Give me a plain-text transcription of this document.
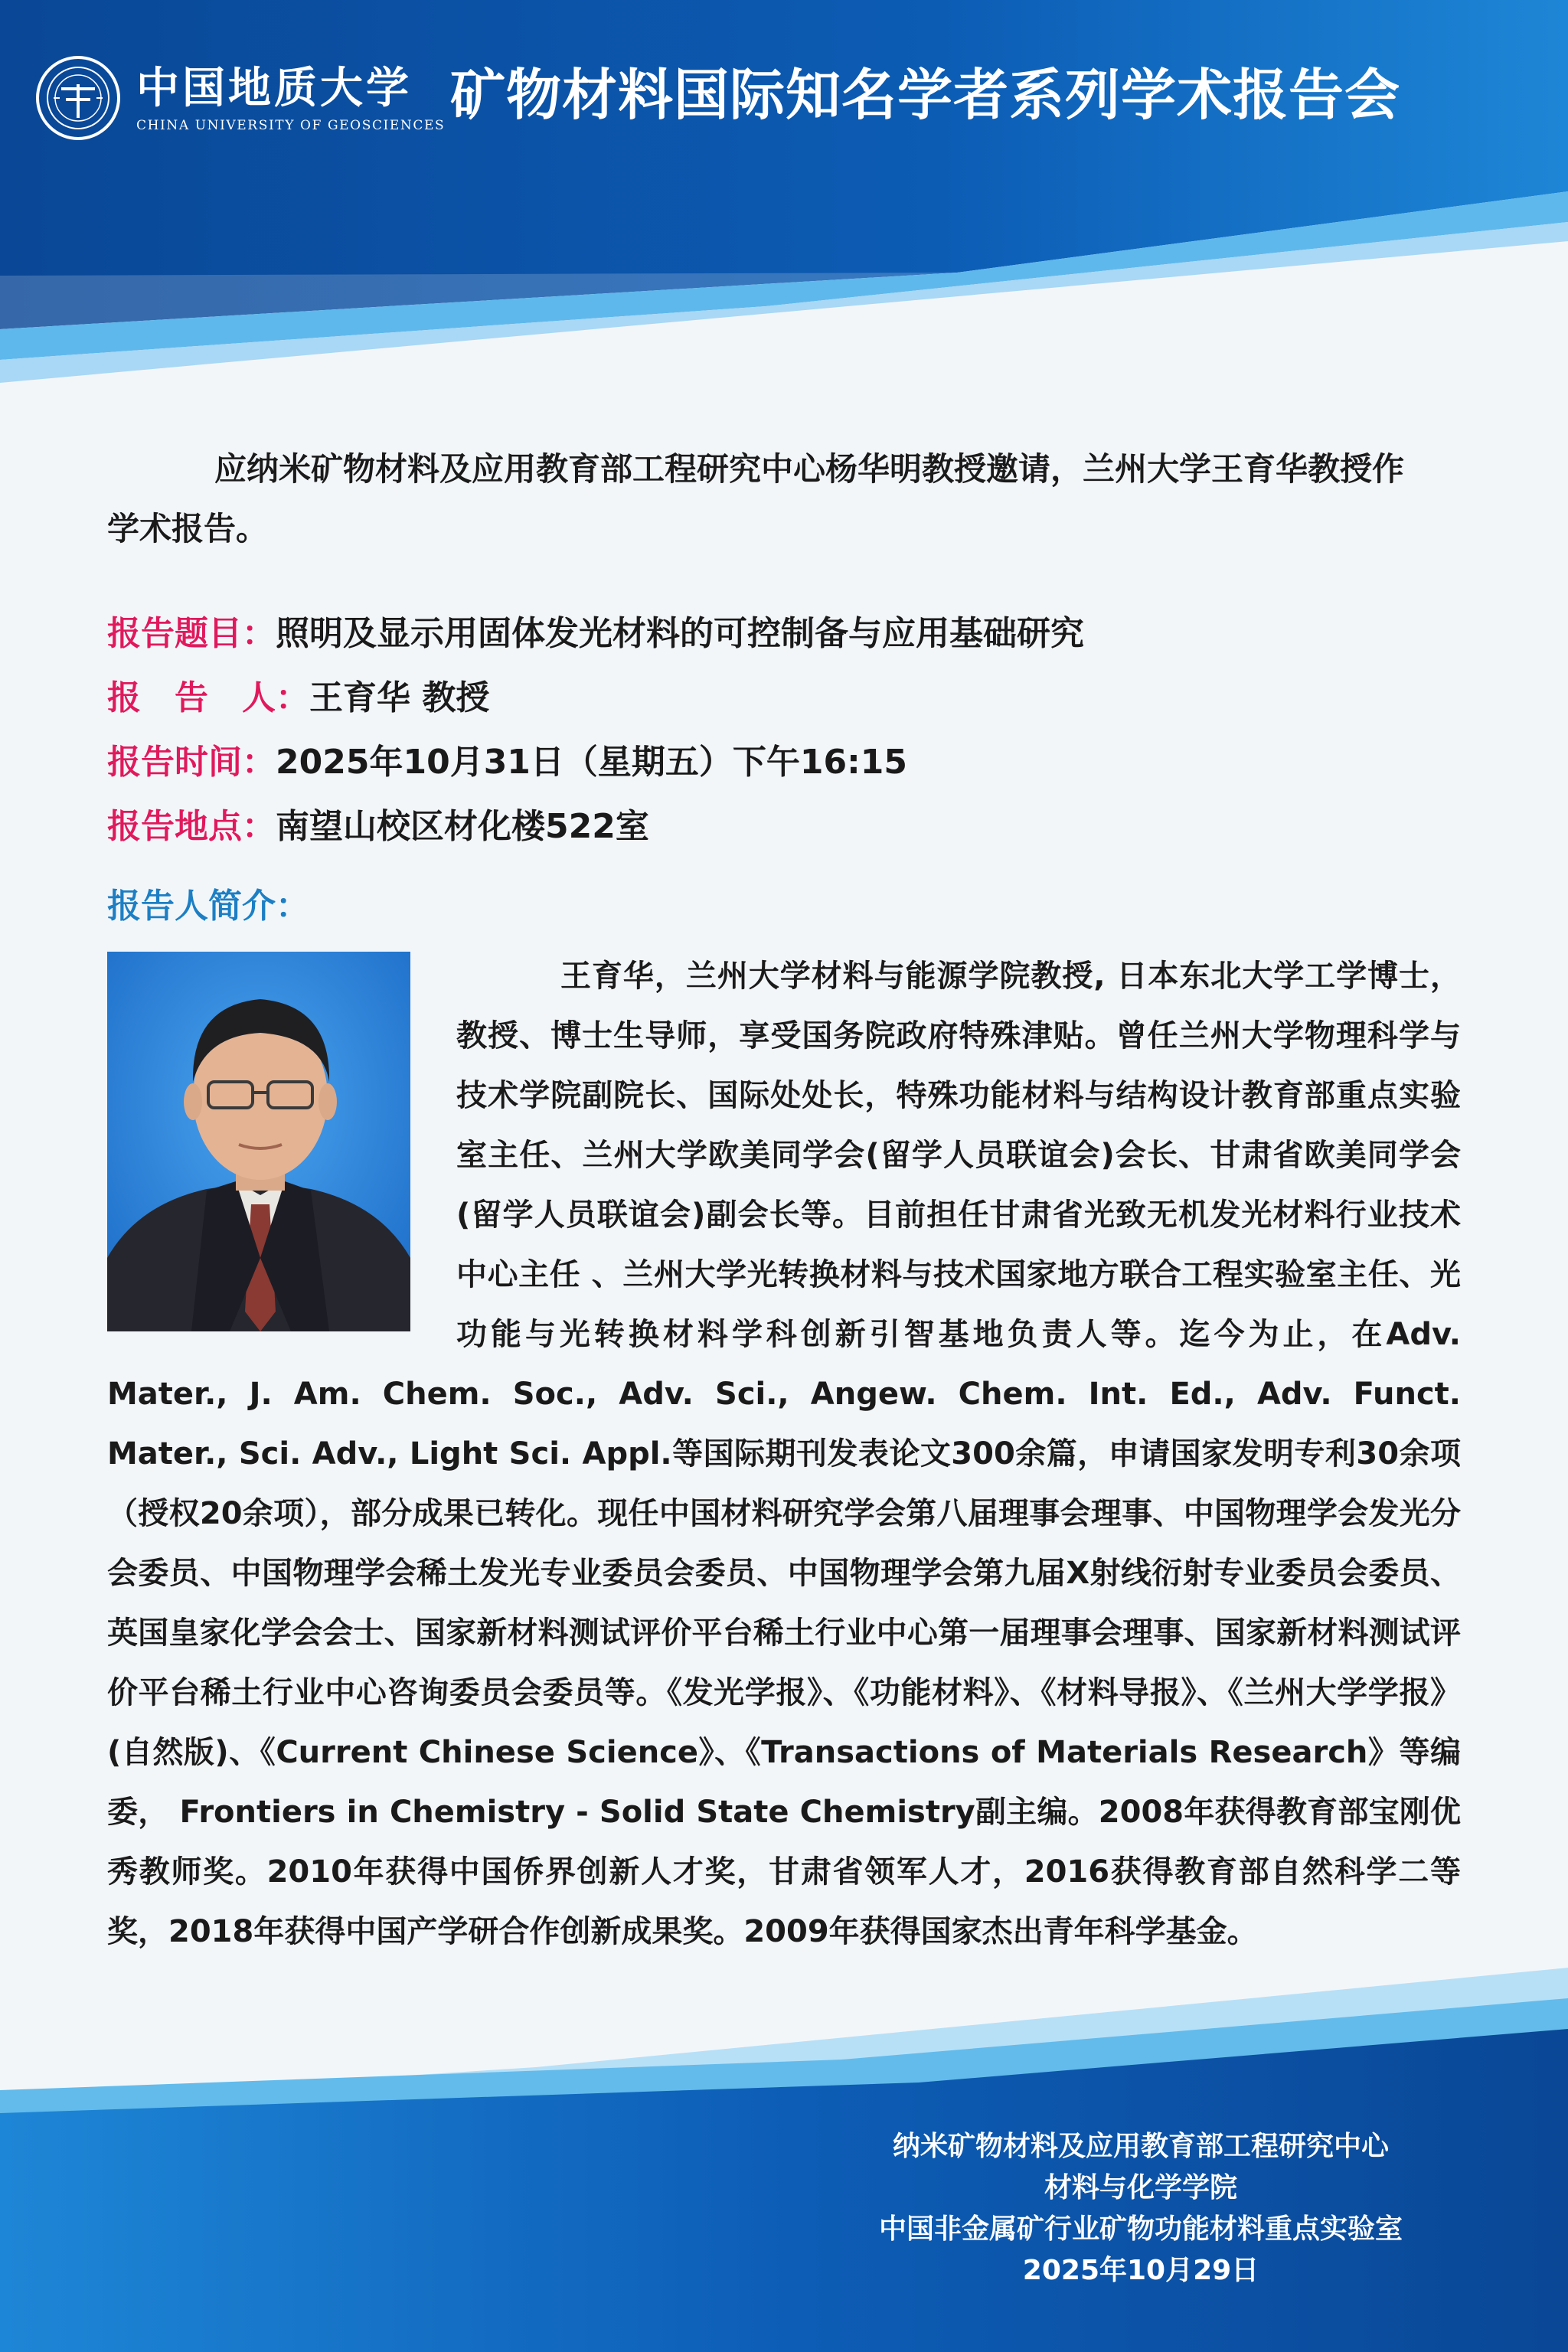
中国地质大学
CHINA UNIVERSITY OF GEOSCIENCES 矿物材料国际知名学者系列学术报告会

应纳米矿物材料及应用教育部工程研究中心杨华明教授邀请，兰州大学王育华教授作学术报告。

报告题目：照明及显示用固体发光材料的可控制备与应用基础研究

报　告　人：王育华 教授

报告时间：2025年10月31日（星期五）下午16:15

报告地点：南望山校区材化楼522室

报告人简介：

王育华，兰州大学材料与能源学院教授, 日本东北大学工学博士，教授、博士生导师，享受国务院政府特殊津贴。曾任兰州大学物理科学与技术学院副院长、国际处处长，特殊功能材料与结构设计教育部重点实验室主任、兰州大学欧美同学会(留学人员联谊会)会长、甘肃省欧美同学会(留学人员联谊会)副会长等。目前担任甘肃省光致无机发光材料行业技术中心主任 、兰州大学光转换材料与技术国家地方联合工程实验室主任、光功能与光转换材料学科创新引智基地负责人等。迄今为止，在Adv. Mater., J. Am. Chem. Soc., Adv. Sci., Angew. Chem. Int. Ed., Adv. Funct. Mater., Sci. Adv., Light Sci. Appl.等国际期刊发表论文300余篇，申请国家发明专利30余项（授权20余项），部分成果已转化。现任中国材料研究学会第八届理事会理事、中国物理学会发光分会委员、中国物理学会稀土发光专业委员会委员、中国物理学会第九届X射线衍射专业委员会委员、英国皇家化学会会士、国家新材料测试评价平台稀土行业中心第一届理事会理事、国家新材料测试评价平台稀土行业中心咨询委员会委员等。《发光学报》、《功能材料》、《材料导报》、《兰州大学学报》(自然版)、《Current Chinese Science》、《Transactions of Materials Research》等编委， Frontiers in Chemistry - Solid State Chemistry副主编。2008年获得教育部宝刚优秀教师奖。2010年获得中国侨界创新人才奖，甘肃省领军人才，2016获得教育部自然科学二等奖，2018年获得中国产学研合作创新成果奖。2009年获得国家杰出青年科学基金。

纳米矿物材料及应用教育部工程研究中心
材料与化学学院
中国非金属矿行业矿物功能材料重点实验室
2025年10月29日
